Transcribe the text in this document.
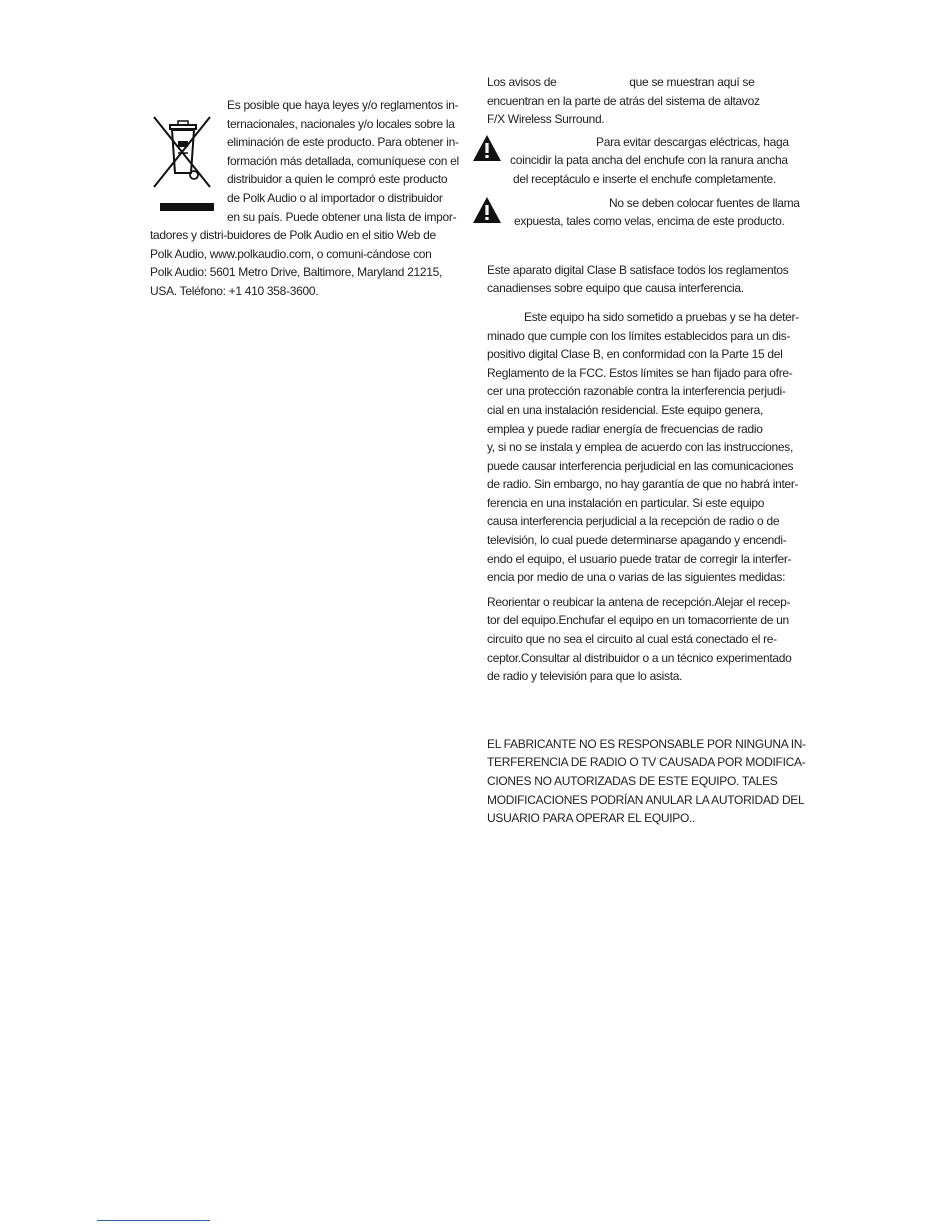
Es posible que haya leyes y/o reglamentos in-
ternacionales, nacionales y/o locales sobre la
eliminación de este producto. Para obtener in-
formación más detallada, comuníquese con el
distribuidor a quien le compró este producto
de Polk Audio o al importador o distribuidor
en su país. Puede obtener una lista de impor-
tadores y distri-buidores de Polk Audio en el sitio Web de
Polk Audio, www.polkaudio.com, o comuni-cándose con
Polk Audio: 5601 Metro Drive, Baltimore, Maryland 21215,
USA. Teléfono: +1 410 358-3600.
Los avisos de                        que se muestran aquí se
encuentran en la parte de atrás del sistema de altavoz
F/X Wireless Surround.
Para evitar descargas eléctricas, haga
coincidir la pata ancha del enchufe con la ranura ancha
del receptáculo e inserte el enchufe completamente.
No se deben colocar fuentes de llama
expuesta, tales como velas, encima de este producto.
Este aparato digital Clase B satisface todos los reglamentos
canadienses sobre equipo que causa interferencia.
Este equipo ha sido sometido a pruebas y se ha deter-
minado que cumple con los límites establecidos para un dis-
positivo digital Clase B, en conformidad con la Parte 15 del
Reglamento de la FCC. Estos límites se han fijado para ofre-
cer una protección razonable contra la interferencia perjudi-
cial en una instalación residencial. Este equipo genera,
emplea y puede radiar energía de frecuencias de radio
y, si no se instala y emplea de acuerdo con las instrucciones,
puede causar interferencia perjudicial en las comunicaciones
de radio. Sin embargo, no hay garantía de que no habrá inter-
ferencia en una instalación en particular. Si este equipo
causa interferencia perjudicial a la recepción de radio o de
televisión, lo cual puede determinarse apagando y encendi-
endo el equipo, el usuario puede tratar de corregir la interfer-
encia por medio de una o varias de las siguientes medidas:
Reorientar o reubicar la antena de recepción.Alejar el recep-
tor del equipo.Enchufar el equipo en un tomacorriente de un
circuito que no sea el circuito al cual está conectado el re-
ceptor.Consultar al distribuidor o a un técnico experimentado
de radio y televisión para que lo asista.
EL FABRICANTE NO ES RESPONSABLE POR NINGUNA IN-
TERFERENCIA DE RADIO O TV CAUSADA POR MODIFICA-
CIONES NO AUTORIZADAS DE ESTE EQUIPO. TALES
MODIFICACIONES PODRÍAN ANULAR LA AUTORIDAD DEL
USUARIO PARA OPERAR EL EQUIPO..
